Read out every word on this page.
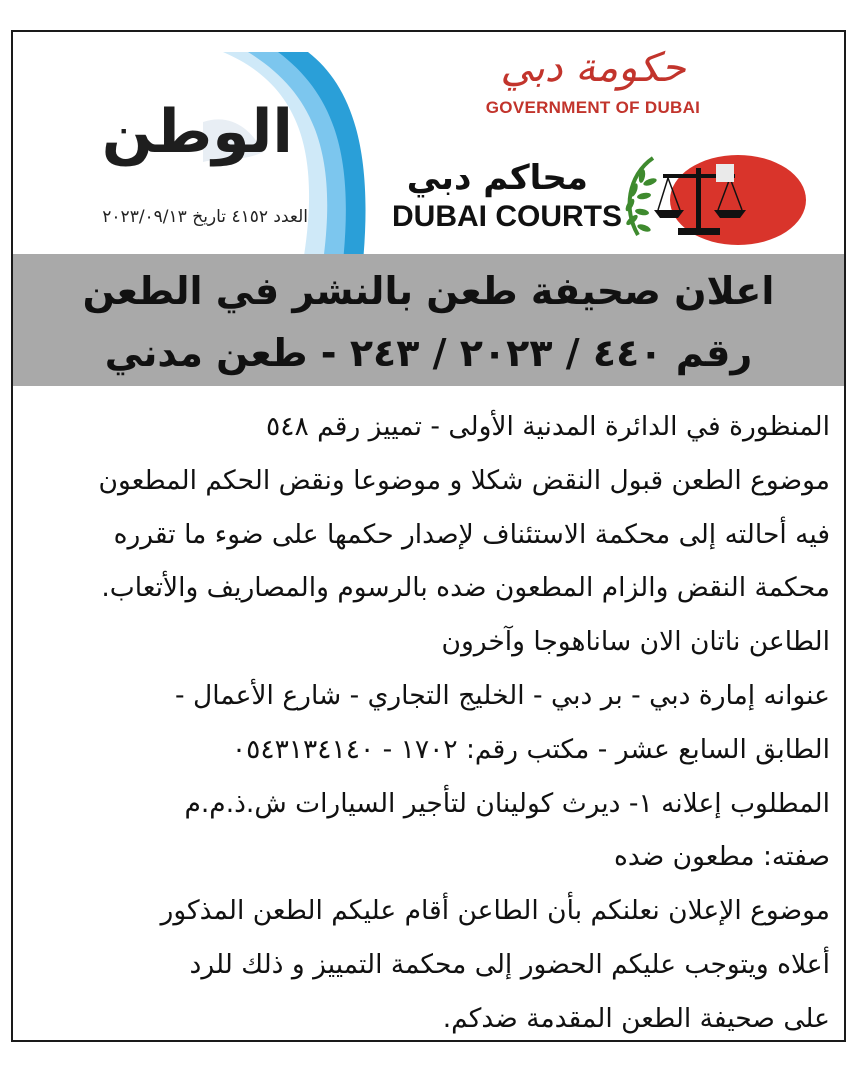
الوطن
العدد ٤١٥٢ تاريخ ٢٠٢٣/٠٩/١٣
حكومة دبي
GOVERNMENT OF DUBAI
محاكم دبي
DUBAI COURTS
اعلان صحيفة طعن بالنشر في الطعن
رقم ٤٤٠ / ٢٠٢٣ / ٢٤٣ - طعن مدني
المنظورة في الدائرة المدنية الأولى - تمييز رقم ٥٤٨
موضوع الطعن قبول النقض شكلا و موضوعا ونقض الحكم المطعون
فيه أحالته إلى محكمة الاستئناف لإصدار حكمها على ضوء ما تقرره
محكمة النقض والزام المطعون ضده بالرسوم والمصاريف والأتعاب.
الطاعن ناتان الان ساناهوجا وآخرون
عنوانه إمارة دبي - بر دبي - الخليج التجاري - شارع الأعمال -
الطابق السابع عشر - مكتب رقم: ١٧٠٢ - ٠٥٤٣١٣٤١٤٠
المطلوب إعلانه ١- ديرث كولينان لتأجير السيارات ش.ذ.م.م
صفته: مطعون ضده
موضوع الإعلان نعلنكم بأن الطاعن أقام عليكم الطعن المذكور
أعلاه ويتوجب عليكم الحضور إلى محكمة التمييز و ذلك للرد
على صحيفة الطعن المقدمة ضدكم.
